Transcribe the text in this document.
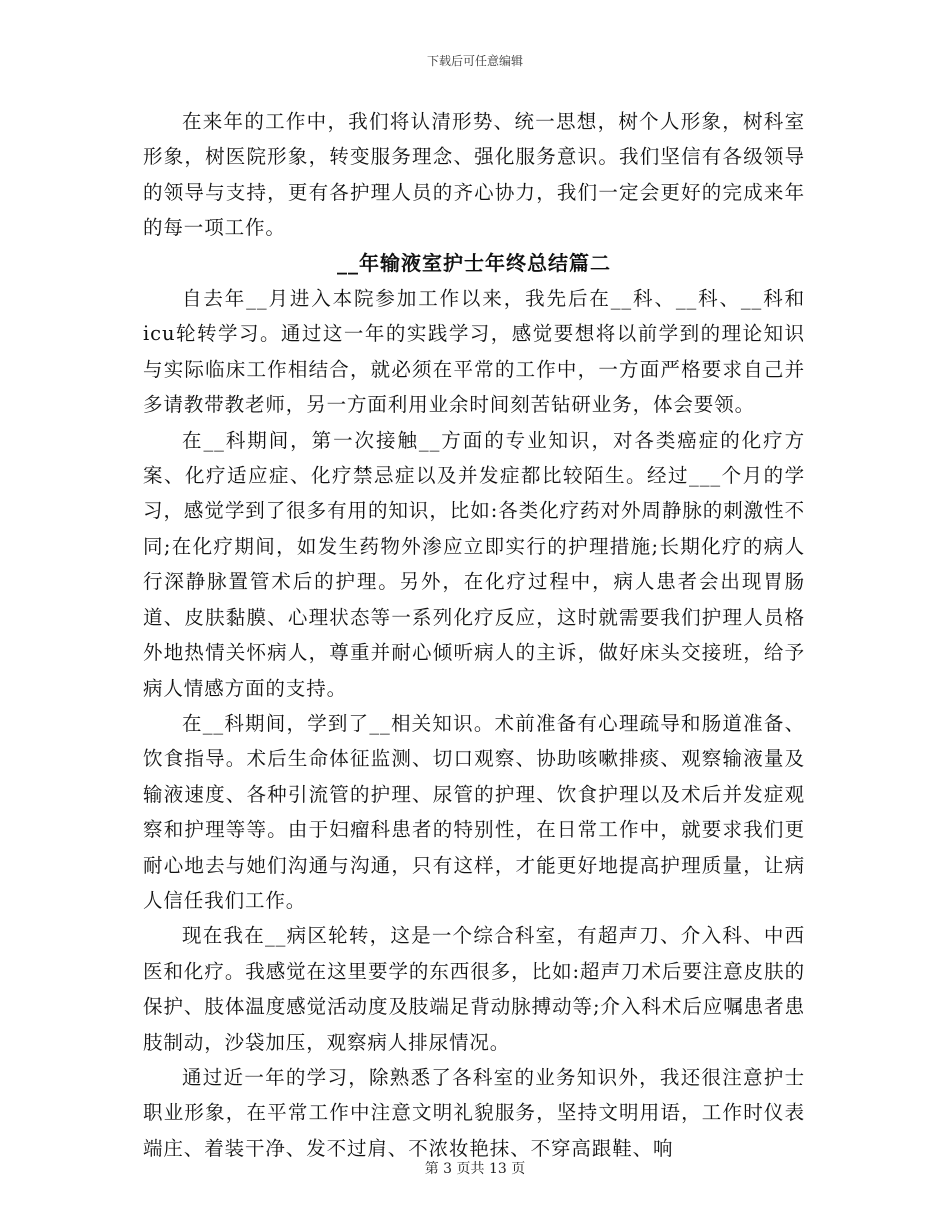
下载后可任意编辑

在来年的工作中，我们将认清形势、统一思想，树个人形象，树科室形象，树医院形象，转变服务理念、强化服务意识。我们坚信有各级领导的领导与支持，更有各护理人员的齐心协力，我们一定会更好的完成来年的每一项工作。

__年输液室护士年终总结篇二

自去年__月进入本院参加工作以来，我先后在__科、__科、__科和icu轮转学习。通过这一年的实践学习，感觉要想将以前学到的理论知识与实际临床工作相结合，就必须在平常的工作中，一方面严格要求自己并多请教带教老师，另一方面利用业余时间刻苦钻研业务，体会要领。

在__科期间，第一次接触__方面的专业知识，对各类癌症的化疗方案、化疗适应症、化疗禁忌症以及并发症都比较陌生。经过___个月的学习，感觉学到了很多有用的知识，比如:各类化疗药对外周静脉的刺激性不同;在化疗期间，如发生药物外渗应立即实行的护理措施;长期化疗的病人行深静脉置管术后的护理。另外，在化疗过程中，病人患者会出现胃肠道、皮肤黏膜、心理状态等一系列化疗反应，这时就需要我们护理人员格外地热情关怀病人，尊重并耐心倾听病人的主诉，做好床头交接班，给予病人情感方面的支持。

在__科期间，学到了__相关知识。术前准备有心理疏导和肠道准备、饮食指导。术后生命体征监测、切口观察、协助咳嗽排痰、观察输液量及输液速度、各种引流管的护理、尿管的护理、饮食护理以及术后并发症观察和护理等等。由于妇瘤科患者的特别性，在日常工作中，就要求我们更耐心地去与她们沟通与沟通，只有这样，才能更好地提高护理质量，让病人信任我们工作。

现在我在__病区轮转，这是一个综合科室，有超声刀、介入科、中西医和化疗。我感觉在这里要学的东西很多，比如:超声刀术后要注意皮肤的保护、肢体温度感觉活动度及肢端足背动脉搏动等;介入科术后应嘱患者患肢制动，沙袋加压，观察病人排尿情况。

通过近一年的学习，除熟悉了各科室的业务知识外，我还很注意护士职业形象，在平常工作中注意文明礼貌服务，坚持文明用语，工作时仪表端庄、着装干净、发不过肩、不浓妆艳抹、不穿高跟鞋、响

第 3 页共 13 页
